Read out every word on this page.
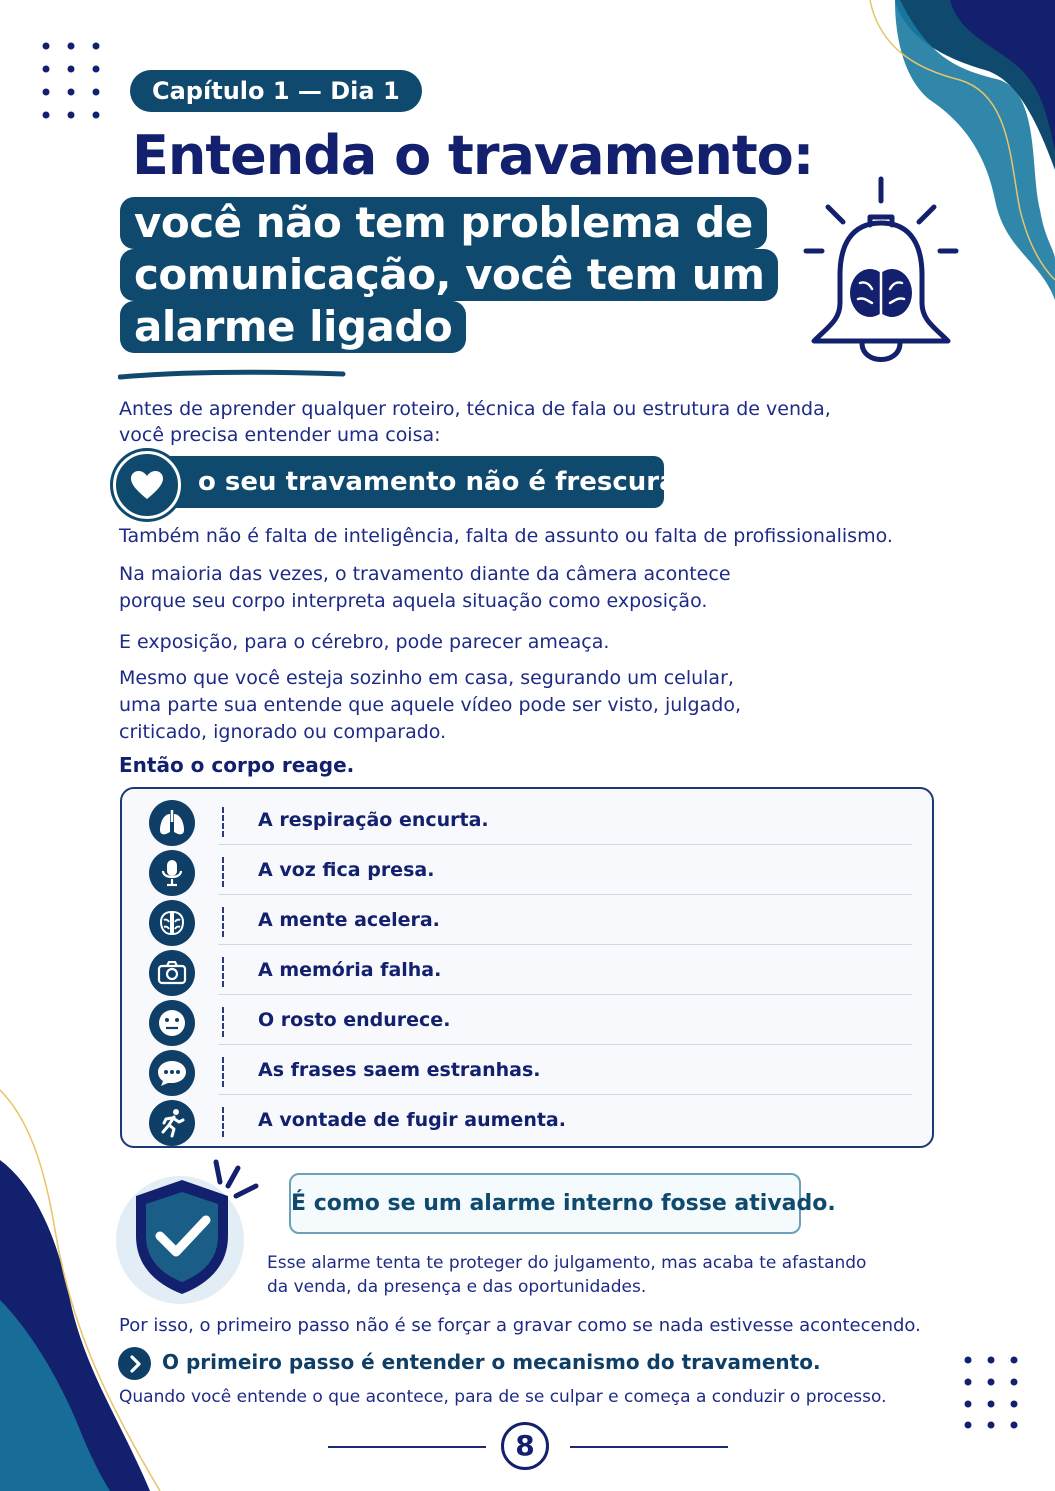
Capítulo 1 — Dia 1
Entenda o travamento:
você não tem problema de
comunicação, você tem um
alarme ligado

Antes de aprender qualquer roteiro, técnica de fala ou estrutura de venda,

você precisa entender uma coisa:

o seu travamento não é frescura.

Também não é falta de inteligência, falta de assunto ou falta de profissionalismo.

Na maioria das vezes, o travamento diante da câmera acontece

porque seu corpo interpreta aquela situação como exposição.

E exposição, para o cérebro, pode parecer ameaça.

Mesmo que você esteja sozinho em casa, segurando um celular,

uma parte sua entende que aquele vídeo pode ser visto, julgado,

criticado, ignorado ou comparado.

Então o corpo reage.

A respiração encurta.
A voz fica presa.
A mente acelera.
A memória falha.
O rosto endurece.
As frases saem estranhas.
A vontade de fugir aumenta.
É como se um alarme interno fosse ativado.

Esse alarme tenta te proteger do julgamento, mas acaba te afastando

da venda, da presença e das oportunidades.

Por isso, o primeiro passo não é se forçar a gravar como se nada estivesse acontecendo.

O primeiro passo é entender o mecanismo do travamento.

Quando você entende o que acontece, para de se culpar e começa a conduzir o processo.

8
